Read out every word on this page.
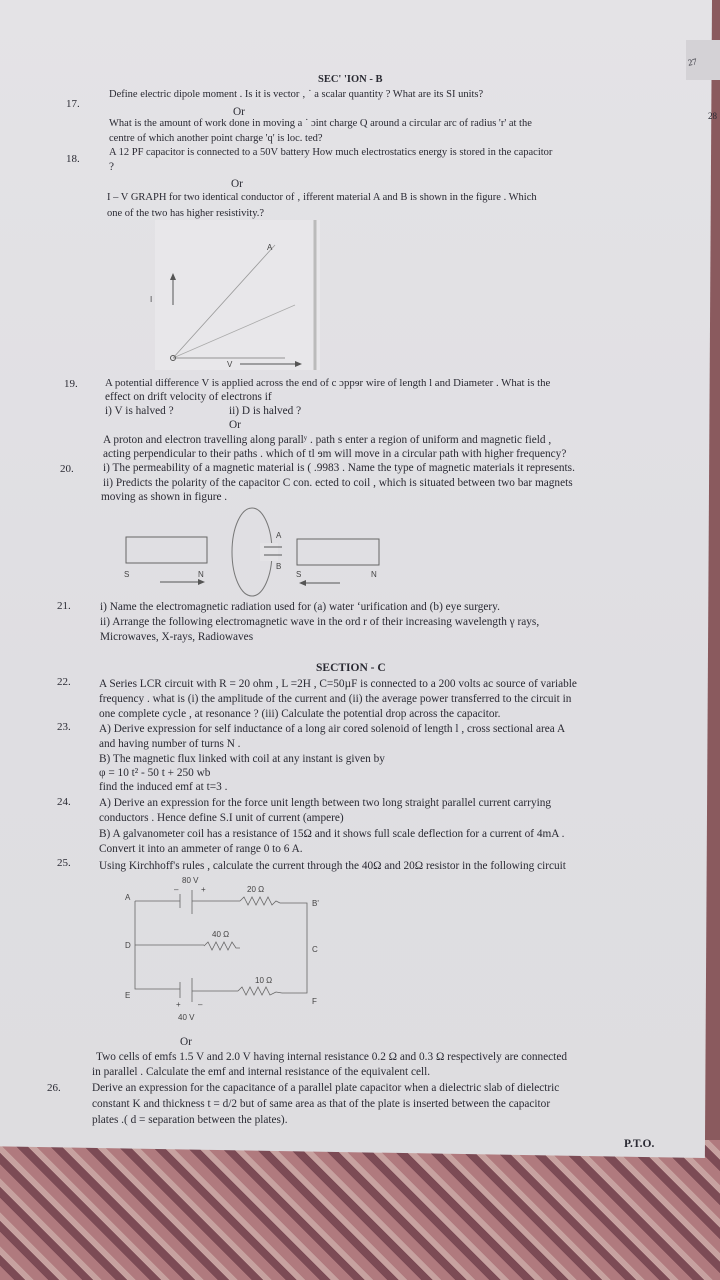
27
28
SEC' 'ION - B
17.
Define electric dipole moment . Is it is vector ‚ ˙ a scalar quantity ? What are its SI units?
Or
What is the amount of work done in moving a ˙ ɔint charge Q around a circular arc of radius 'r' at the
centre of which another point charge 'q' is loc. ted?
18.
A 12 PF capacitor is connected to a 50V battery How much electrostatics energy is stored in the capacitor
?
Or
I – V GRAPH for two identical conductor of ‚ ifferent material A and B is shown in the figure . Which
one of the two has higher resistivity.?
A
I
V
19.	A potential difference V is applied across the end of c ɔppɘr wire of length l and Diameter . What is the
effect on drift velocity of electrons if
i) V is halved ?	ii) D is halved ?
Or
A proton and electron travelling along parallʸ . path s enter a region of uniform and magnetic field ,
acting perpendicular to their paths . which of tl ɘm will move in a circular path with higher frequency?
20.	i) The permeability of a magnetic material is ( .9983 . Name the type of magnetic materials it represents.
ii) Predicts the polarity of the capacitor C con. ected to coil , which is situated between two bar magnets
moving as shown in figure .
S	N	S	N
A
B
21.	i) Name the electromagnetic radiation used for (a) water ʻurification and (b) eye surgery.
ii) Arrange the following electromagnetic wave in the ord r of their increasing wavelength γ rays,
Microwaves, X-rays, Radiowaves
SECTION - C
22.	A Series LCR circuit with R = 20 ohm , L =2H , C=50µF is connected to a 200 volts ac source of variable
frequency . what is (i) the amplitude of the current and (ii) the average power transferred to the circuit in
one complete cycle , at resonance ? (iii) Calculate the potential drop across the capacitor.
23.	A) Derive expression for self inductance of a long air cored solenoid of length l , cross sectional area A
and having number of turns N .
B) The magnetic flux linked with coil at any instant is given by
φ = 10 t² - 50 t + 250 wb
find the induced emf at t=3 .
24.	A) Derive an expression for the force unit length between two long straight parallel current carrying
conductors . Hence define S.I unit of current (ampere)
B) A galvanometer coil has a resistance of 15Ω and it shows full scale deflection for a current of 4mA .
Convert it into an ammeter of range 0 to 6 A.
25.	Using Kirchhoff's rules , calculate the current through the 40Ω and 20Ω resistor in the following circuit
80 V
40 V
20 Ω
40 Ω
10 Ω
A
B'
C
D
E
F
+
–
+ –
Or
Two cells of emfs 1.5 V and 2.0 V having internal resistance 0.2 Ω and 0.3 Ω respectively are connected
in parallel . Calculate the emf and internal resistance of the equivalent cell.
26.	Derive an expression for the capacitance of a parallel plate capacitor when a dielectric slab of dielectric
constant K and thickness t = d/2 but of same area as that of the plate is inserted between the capacitor
plates .( d = separation between the plates).
P.T.O.
